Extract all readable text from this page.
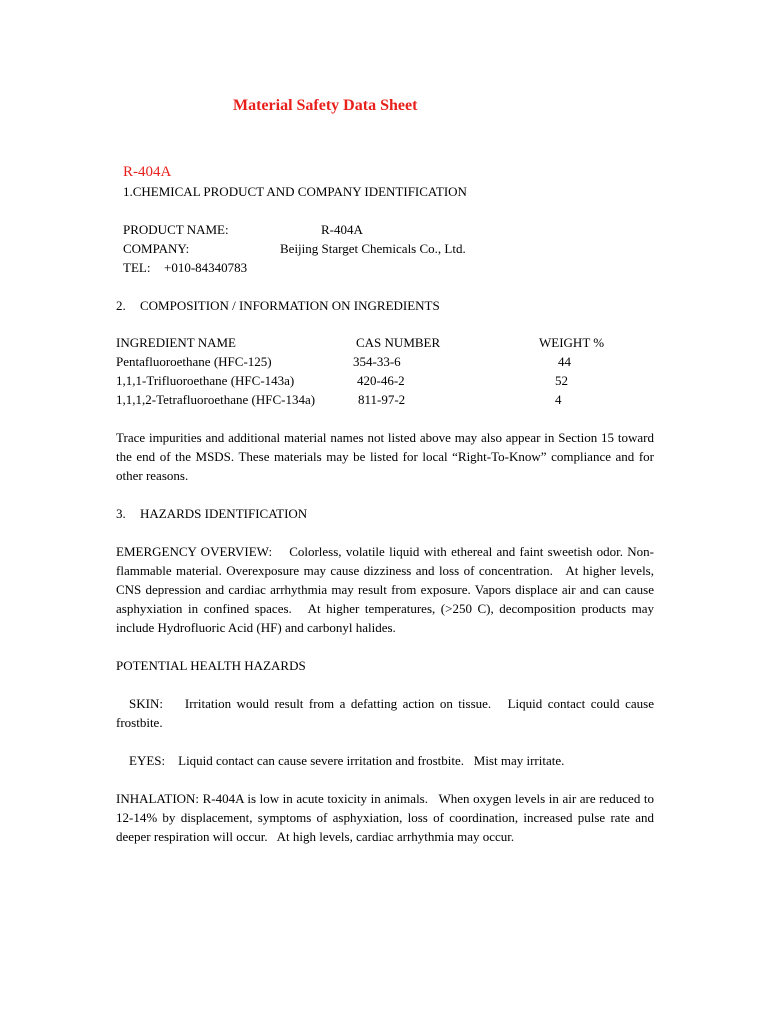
Material Safety Data Sheet
R-404A
1.CHEMICAL PRODUCT AND COMPANY IDENTIFICATION
PRODUCT NAME:	R-404A
COMPANY:	Beijing Starget Chemicals Co., Ltd.
TEL: +010-84340783
2. COMPOSITION / INFORMATION ON INGREDIENTS
INGREDIENT NAME	CAS NUMBER	WEIGHT %
Pentafluoroethane (HFC-125)	354-33-6	44
1,1,1-Trifluoroethane (HFC-143a)	420-46-2	52
1,1,1,2-Tetrafluoroethane (HFC-134a)	811-97-2	4
Trace impurities and additional material names not listed above may also appear in Section 15 toward the end of the MSDS. These materials may be listed for local “Right-To-Know” compliance and for other reasons.
3. HAZARDS IDENTIFICATION
EMERGENCY OVERVIEW: Colorless, volatile liquid with ethereal and faint sweetish odor. Non-flammable material. Overexposure may cause dizziness and loss of concentration.   At higher levels, CNS depression and cardiac arrhythmia may result from exposure. Vapors displace air and can cause asphyxiation in confined spaces.   At higher temperatures, (>250 C), decomposition products may include Hydrofluoric Acid (HF) and carbonyl halides.
POTENTIAL HEALTH HAZARDS
SKIN: Irritation would result from a defatting action on tissue.   Liquid contact could cause frostbite.
EYES: Liquid contact can cause severe irritation and frostbite.   Mist may irritate.
INHALATION: R-404A is low in acute toxicity in animals.   When oxygen levels in air are reduced to 12-14% by displacement, symptoms of asphyxiation, loss of coordination, increased pulse rate and deeper respiration will occur.   At high levels, cardiac arrhythmia may occur.
